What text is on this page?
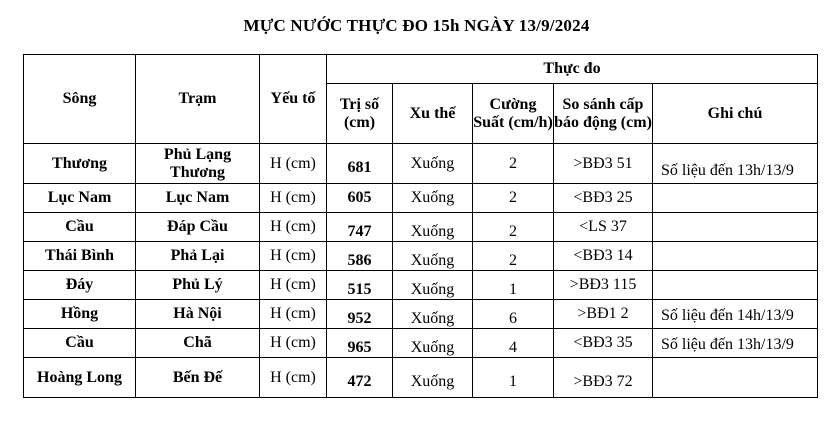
MỰC NƯỚC THỰC ĐO 15h NGÀY 13/9/2024
Sông	Trạm	Yếu tố	Thực đo				
			Trị số (cm)	Xu thế	Cường Suất (cm/h)	So sánh cấp báo động (cm)	Ghi chú
Thương	Phủ Lạng Thương	H (cm)	681	Xuống	2	>BĐ3 51	Số liệu đến 13h/13/9
Lục Nam	Lục Nam	H (cm)	605	Xuống	2	<BĐ3 25	
Cầu	Đáp Cầu	H (cm)	747	Xuống	2	<LS 37	
Thái Bình	Phả Lại	H (cm)	586	Xuống	2	<BĐ3 14	
Đáy	Phủ Lý	H (cm)	515	Xuống	1	>BĐ3 115	
Hồng	Hà Nội	H (cm)	952	Xuống	6	>BĐ1 2	Số liệu đến 14h/13/9
Cầu	Chã	H (cm)	965	Xuống	4	<BĐ3 35	Số liệu đến 13h/13/9
Hoàng Long	Bến Đế	H (cm)	472	Xuống	1	>BĐ3 72	
